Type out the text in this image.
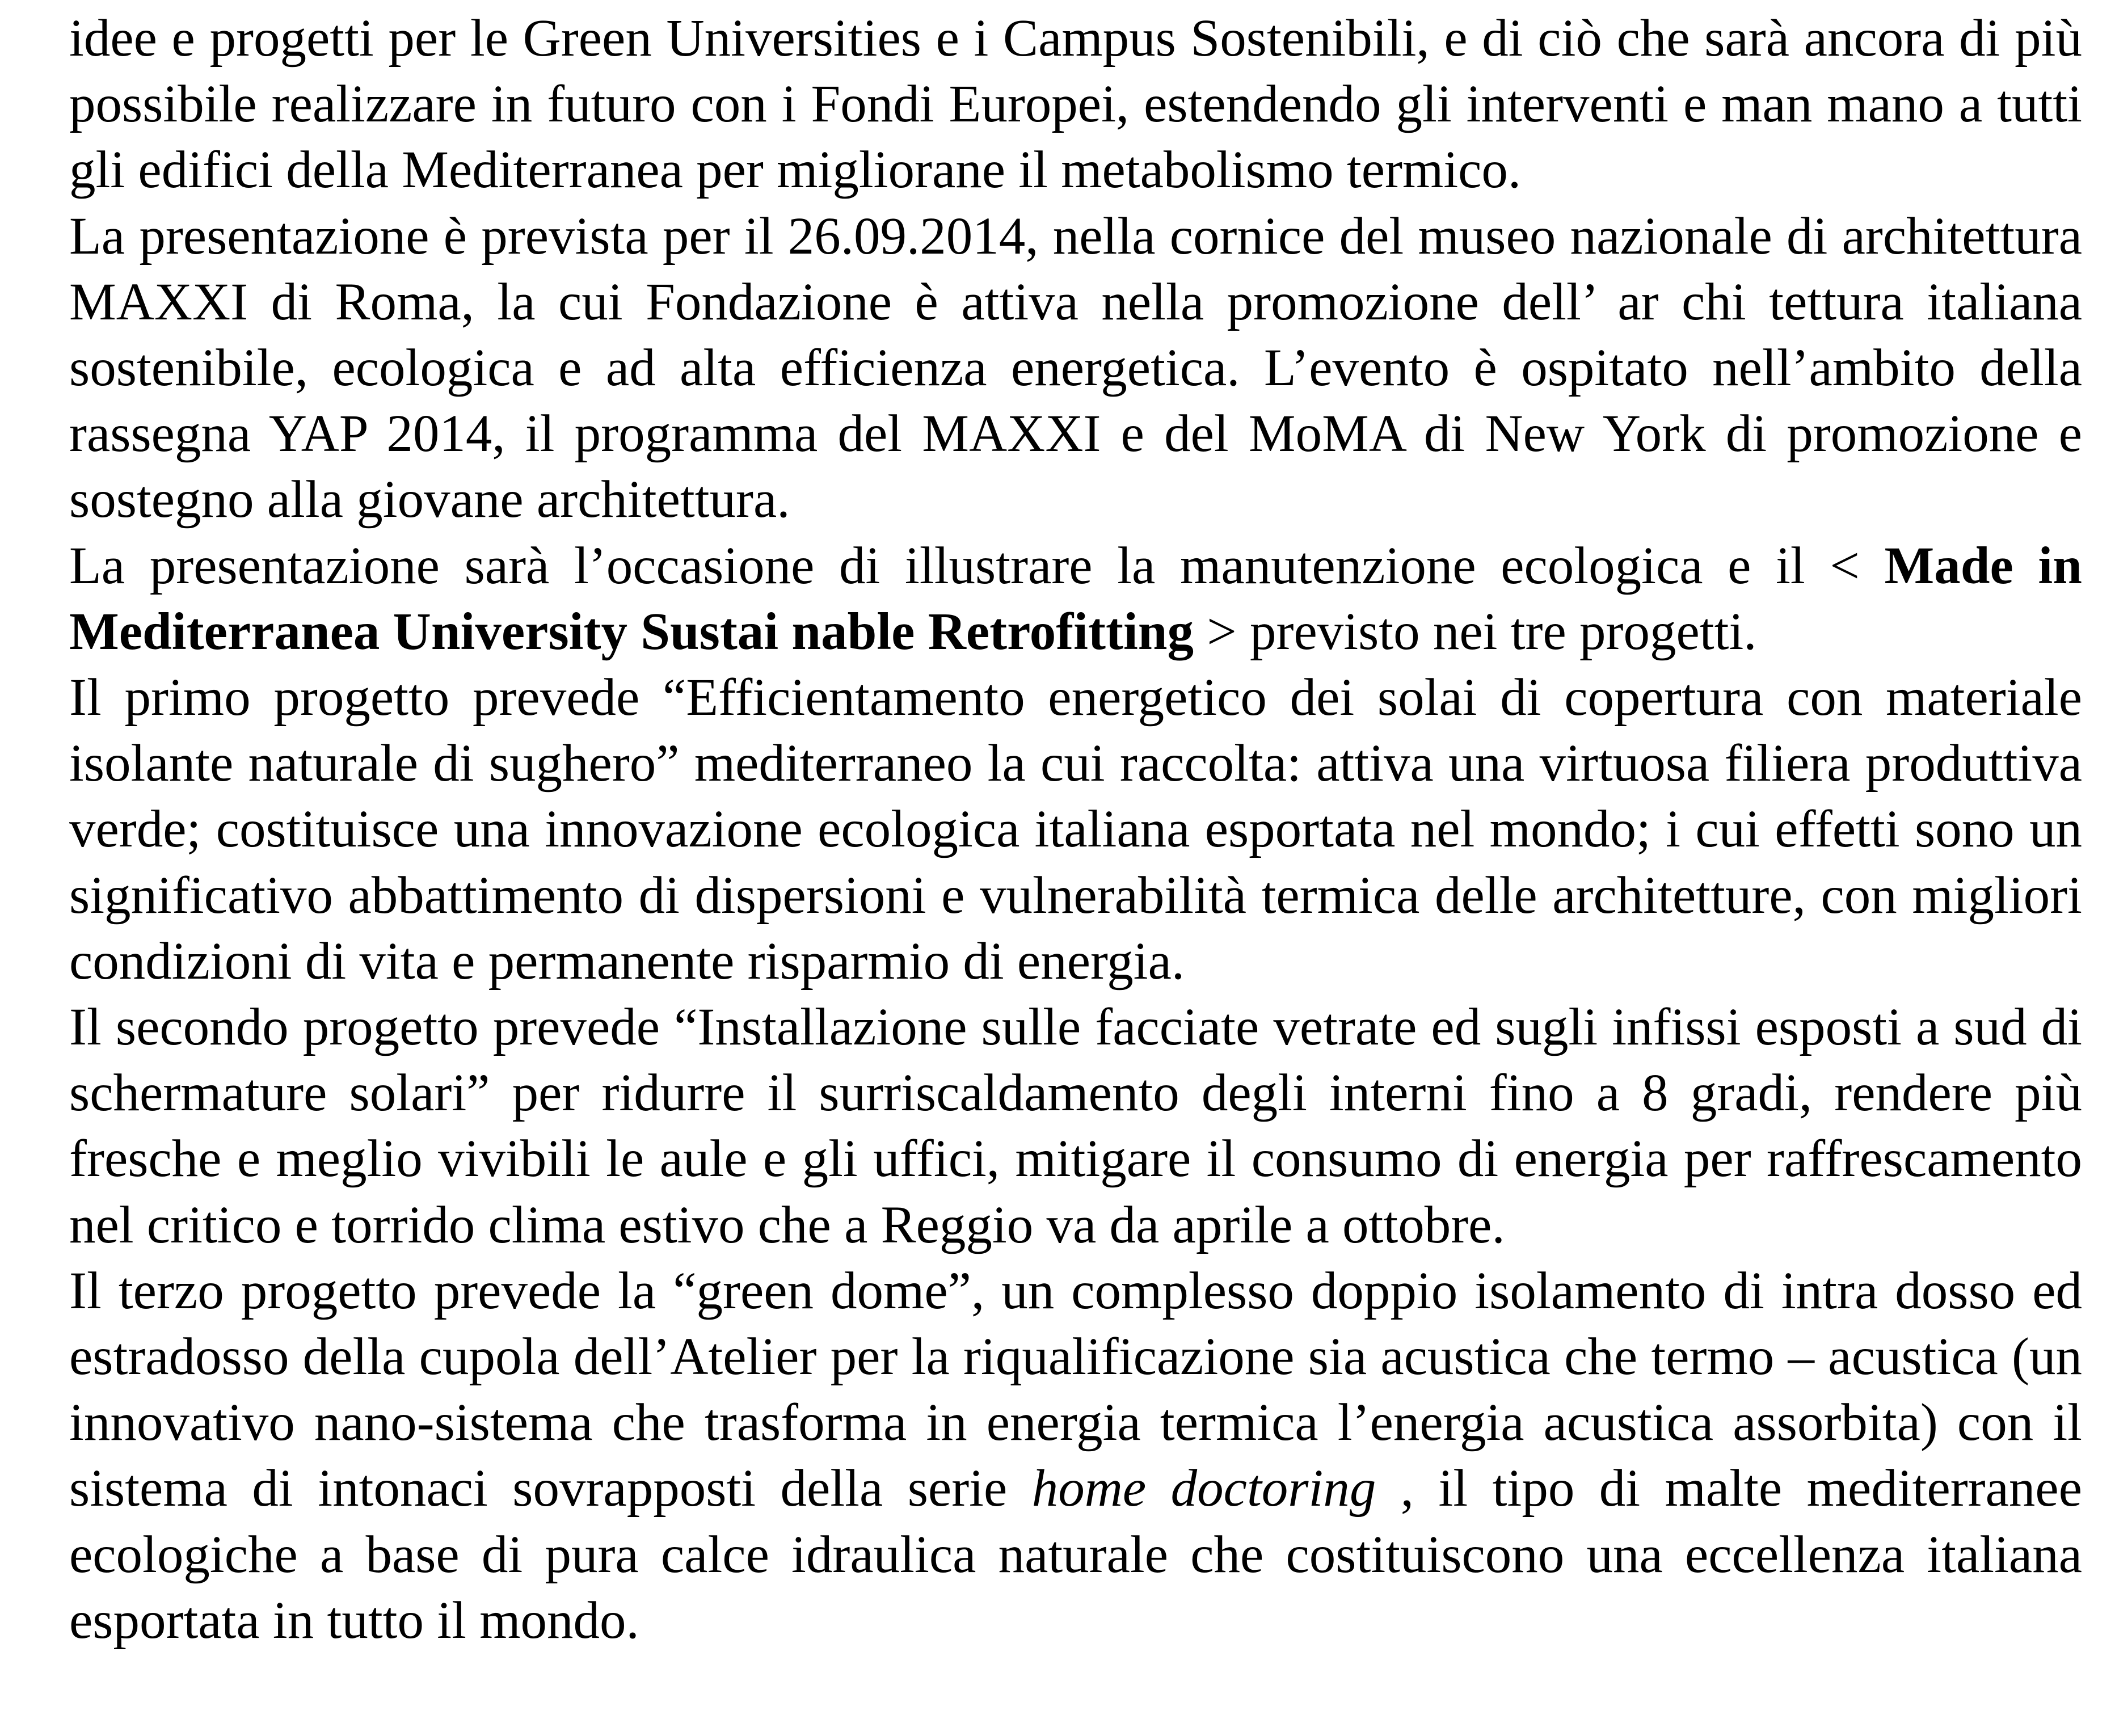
idee e progetti per le Green Universities e i Campus Sostenibili, e di ciò che sarà ancora di più possibile realizzare in futuro con i Fondi Europei, estendendo gli interventi e man mano a tutti gli edifici della Mediterranea per migliorane il metabolismo termico.

La presentazione è prevista per il 26.09.2014, nella cornice del museo nazionale di architettura MAXXI di Roma, la cui Fondazione è attiva nella promozione dell’ ar chi tettura italiana sostenibile, ecologica e ad alta efficienza energetica. L’evento è ospitato nell’ambito della rassegna YAP 2014, il programma del MAXXI e del MoMA di New York di promozione e sostegno alla giovane architettura.

La presentazione sarà l’occasione di illustrare la manutenzione ecologica e il < Made in Mediterranea University Sustai nable Retrofitting > previsto nei tre progetti.

Il primo progetto prevede “Efficientamento energetico dei solai di copertura con materiale isolante naturale di sughero” mediterraneo la cui raccolta: attiva una virtuosa filiera produttiva verde; costituisce una innovazione ecologica italiana esportata nel mondo; i cui effetti sono un significativo abbattimento di dispersioni e vulnerabilità termica delle architetture, con migliori condizioni di vita e permanente risparmio di energia.

Il secondo progetto prevede “Installazione sulle facciate vetrate ed sugli infissi esposti a sud di schermature solari” per ridurre il surriscaldamento degli interni fino a 8 gradi, rendere più fresche e meglio vivibili le aule e gli uffici, mitigare il consumo di energia per raffrescamento nel critico e torrido clima estivo che a Reggio va da aprile a ottobre.

Il terzo progetto prevede la “green dome”, un complesso doppio isolamento di intra dosso ed estradosso della cupola dell’Atelier per la riqualificazione sia acustica che termo – acustica (un innovativo nano-sistema che trasforma in energia termica l’energia acustica assorbita) con il sistema di intonaci sovrapposti della serie home doctoring , il tipo di malte mediterranee ecologiche a base di pura calce idraulica naturale che costituiscono una eccellenza italiana esportata in tutto il mondo.
